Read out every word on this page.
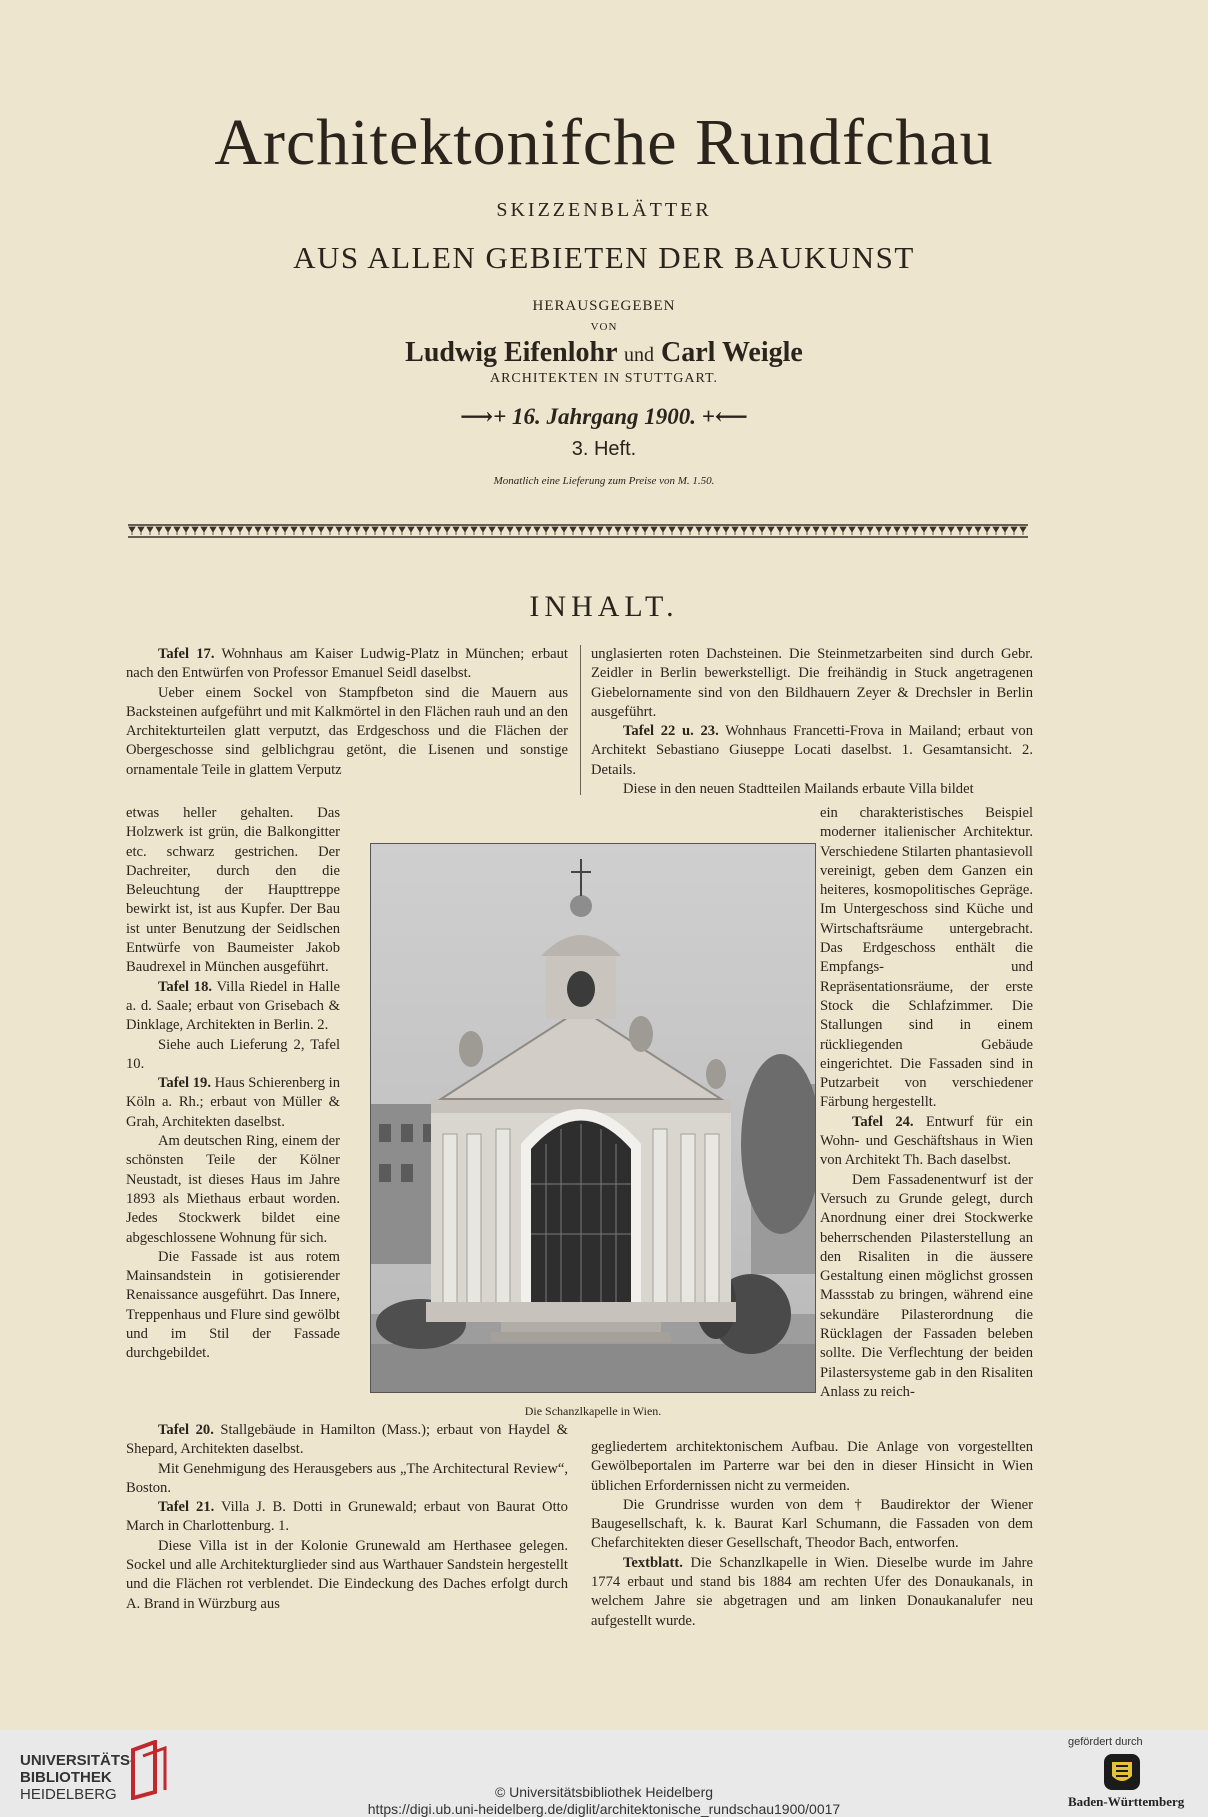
Architektonifche Rundfchau
SKIZZENBLÄTTER
AUS ALLEN GEBIETEN DER BAUKUNST
HERAUSGEGEBEN
VON
Ludwig Eifenlohr und Carl Weigle
ARCHITEKTEN IN STUTTGART.
⟶+ 16. Jahrgang 1900. +⟵
3. Heft.
Monatlich eine Lieferung zum Preise von M. 1.50.
INHALT.

Tafel 17. Wohnhaus am Kaiser Ludwig-Platz in München; erbaut nach den Entwürfen von Professor Emanuel Seidl daselbst.

Ueber einem Sockel von Stampfbeton sind die Mauern aus Backsteinen aufgeführt und mit Kalkmörtel in den Flächen rauh und an den Architekturteilen glatt verputzt, das Erdgeschoss und die Flächen der Obergeschosse sind gelblichgrau getönt, die Lisenen und sonstige ornamentale Teile in glattem Verputz

etwas heller gehalten. Das Holzwerk ist grün, die Balkongitter etc. schwarz gestrichen. Der Dachreiter, durch den die Beleuchtung der Haupttreppe bewirkt ist, ist aus Kupfer. Der Bau ist unter Benutzung der Seidlschen Entwürfe von Baumeister Jakob Baudrexel in München ausgeführt.

Tafel 18. Villa Riedel in Halle a. d. Saale; erbaut von Grisebach & Dinklage, Architekten in Berlin. 2.

Siehe auch Lieferung 2, Tafel 10.

Tafel 19. Haus Schierenberg in Köln a. Rh.; erbaut von Müller & Grah, Architekten daselbst.

Am deutschen Ring, einem der schönsten Teile der Kölner Neustadt, ist dieses Haus im Jahre 1893 als Miethaus erbaut worden. Jedes Stockwerk bildet eine abgeschlossene Wohnung für sich.

Die Fassade ist aus rotem Mainsandstein in gotisierender Renaissance ausgeführt. Das Innere, Treppenhaus und Flure sind gewölbt und im Stil der Fassade durchgebildet.

Tafel 20. Stallgebäude in Hamilton (Mass.); erbaut von Haydel & Shepard, Architekten daselbst.

Mit Genehmigung des Herausgebers aus „The Architectural Review“, Boston.

Tafel 21. Villa J. B. Dotti in Grunewald; erbaut von Baurat Otto March in Charlottenburg. 1.

Diese Villa ist in der Kolonie Grunewald am Herthasee gelegen. Sockel und alle Architekturglieder sind aus Warthauer Sandstein hergestellt und die Flächen rot verblendet. Die Eindeckung des Daches erfolgt durch A. Brand in Würzburg aus

unglasierten roten Dachsteinen. Die Steinmetzarbeiten sind durch Gebr. Zeidler in Berlin bewerkstelligt. Die freihändig in Stuck angetragenen Giebelornamente sind von den Bildhauern Zeyer & Drechsler in Berlin ausgeführt.

Tafel 22 u. 23. Wohnhaus Francetti-Frova in Mailand; erbaut von Architekt Sebastiano Giuseppe Locati daselbst. 1. Gesamtansicht. 2. Details.

Diese in den neuen Stadtteilen Mailands erbaute Villa bildet

ein charakteristisches Beispiel moderner italienischer Architektur. Verschiedene Stilarten phantasievoll vereinigt, geben dem Ganzen ein heiteres, kosmopolitisches Gepräge. Im Untergeschoss sind Küche und Wirtschaftsräume untergebracht. Das Erdgeschoss enthält die Empfangs- und Repräsentationsräume, der erste Stock die Schlafzimmer. Die Stallungen sind in einem rückliegenden Gebäude eingerichtet. Die Fassaden sind in Putzarbeit von verschiedener Färbung hergestellt.

Tafel 24. Entwurf für ein Wohn- und Geschäftshaus in Wien von Architekt Th. Bach daselbst.

Dem Fassadenentwurf ist der Versuch zu Grunde gelegt, durch Anordnung einer drei Stockwerke beherrschenden Pilasterstellung an den Risaliten in die äussere Gestaltung einen möglichst grossen Massstab zu bringen, während eine sekundäre Pilasterordnung die Rücklagen der Fassaden beleben sollte. Die Verflechtung der beiden Pilastersysteme gab in den Risaliten Anlass zu reich-

gegliedertem architektonischem Aufbau. Die Anlage von vorgestellten Gewölbeportalen im Parterre war bei den in dieser Hinsicht in Wien üblichen Erfordernissen nicht zu vermeiden.

Die Grundrisse wurden von dem † Baudirektor der Wiener Baugesellschaft, k. k. Baurat Karl Schumann, die Fassaden von dem Chefarchitekten dieser Gesellschaft, Theodor Bach, entworfen.

Textblatt. Die Schanzlkapelle in Wien. Dieselbe wurde im Jahre 1774 erbaut und stand bis 1884 am rechten Ufer des Donaukanals, in welchem Jahre sie abgetragen und am linken Donaukanalufer neu aufgestellt wurde.

Die Schanzlkapelle in Wien.
UNIVERSITÄTS-
BIBLIOTHEK
HEIDELBERG	© Universitätsbibliothek Heidelberg
https://digi.ub.uni-heidelberg.de/diglit/architektonische_rundschau1900/0017
gefördert durch
Baden-Württemberg
